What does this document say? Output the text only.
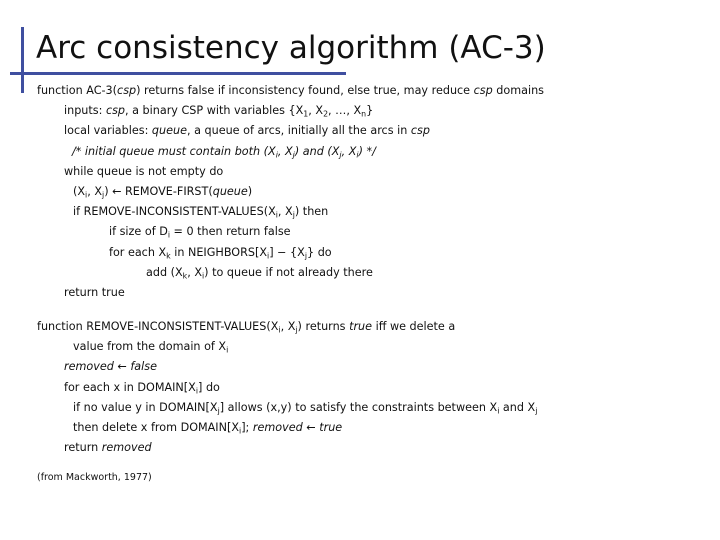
Arc consistency algorithm (AC-3)
function AC-3(csp) returns false if inconsistency found, else true, may reduce csp domains
inputs: csp, a binary CSP with variables {$X_1$, $X_2$, …, $X_n$}
local variables: queue, a queue of arcs, initially all the arcs in csp
/* initial queue must contain both ($X_i$, $X_j$) and ($X_j$, $X_i$) */
while queue is not empty do
($X_i$, $X_j$) ← REMOVE-FIRST(queue)
if REMOVE-$INCONSISTENT-VALUES(X_i$, $X_j$) then
if size of $D_i = 0$ then return false
for each $X_k$ in $NEIGHBORS[X_i] - \{X_j\}$ do
add ($X_k$, $X_i$) to queue if not already there
return true
function REMOVE-$INCONSISTENT-VALUES(X_i$, $X_j$) returns true iff we delete a
value from the domain of $X_i$
removed ← false
for each x in $DOMAIN[X_i]$ do
if no value y in $DOMAIN[X_j]$ allows (x,y) to satisfy the constraints between $X_i$ and $X_j$
then delete x from $DOMAIN[X_i]$; removed ← true
return removed
(from Mackworth, 1977)
